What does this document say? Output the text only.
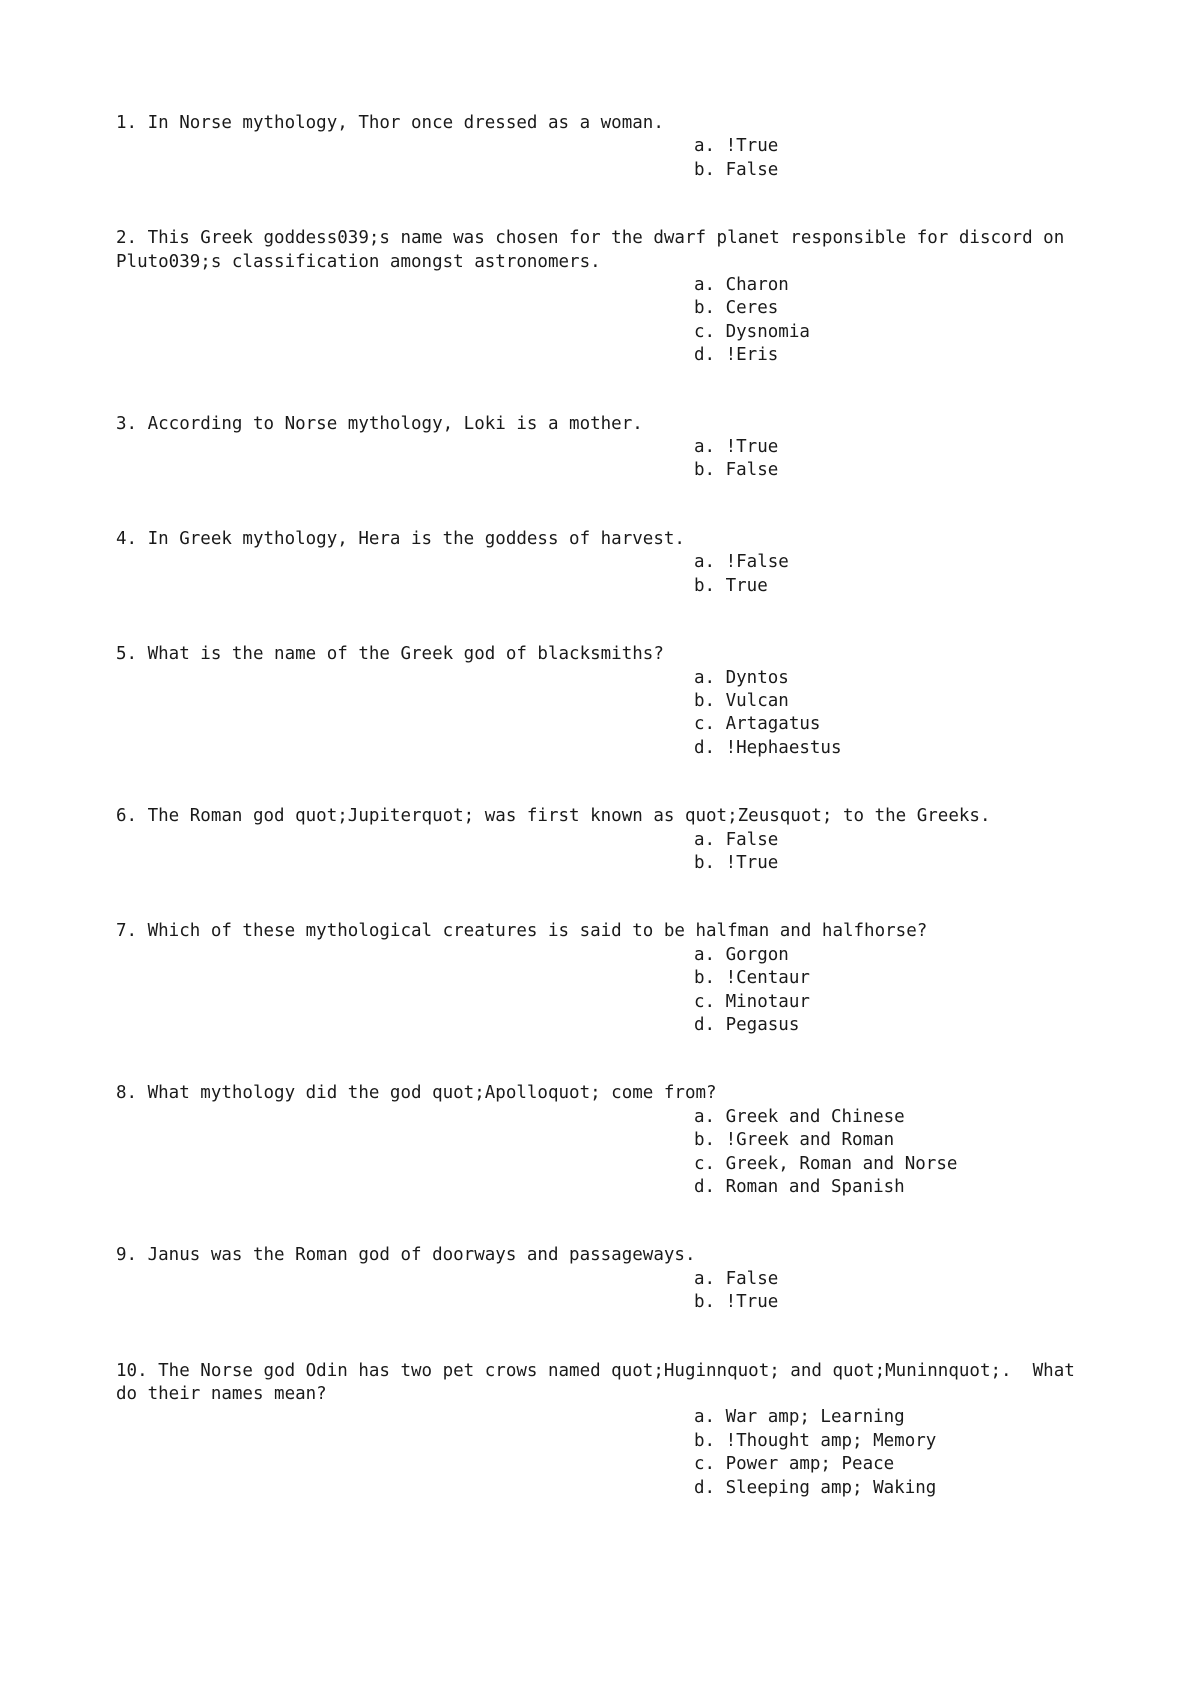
1. In Norse mythology, Thor once dressed as a woman.

a. !True
b. False

2. This Greek goddess039;s name was chosen for the dwarf planet responsible for discord on Pluto039;s classification amongst astronomers.

a. Charon
b. Ceres
c. Dysnomia
d. !Eris

3. According to Norse mythology, Loki is a mother.

a. !True
b. False

4. In Greek mythology, Hera is the goddess of harvest.

a. !False
b. True

5. What is the name of the Greek god of blacksmiths?

a. Dyntos
b. Vulcan
c. Artagatus
d. !Hephaestus

6. The Roman god quot;Jupiterquot; was first known as quot;Zeusquot; to the Greeks.

a. False
b. !True

7. Which of these mythological creatures is said to be halfman and halfhorse?

a. Gorgon
b. !Centaur
c. Minotaur
d. Pegasus

8. What mythology did the god quot;Apolloquot; come from?

a. Greek and Chinese
b. !Greek and Roman
c. Greek, Roman and Norse
d. Roman and Spanish

9. Janus was the Roman god of doorways and passageways.

a. False
b. !True

10. The Norse god Odin has two pet crows named quot;Huginnquot; and quot;Muninnquot;.  What do their names mean?

a. War amp; Learning
b. !Thought amp; Memory
c. Power amp; Peace
d. Sleeping amp; Waking
